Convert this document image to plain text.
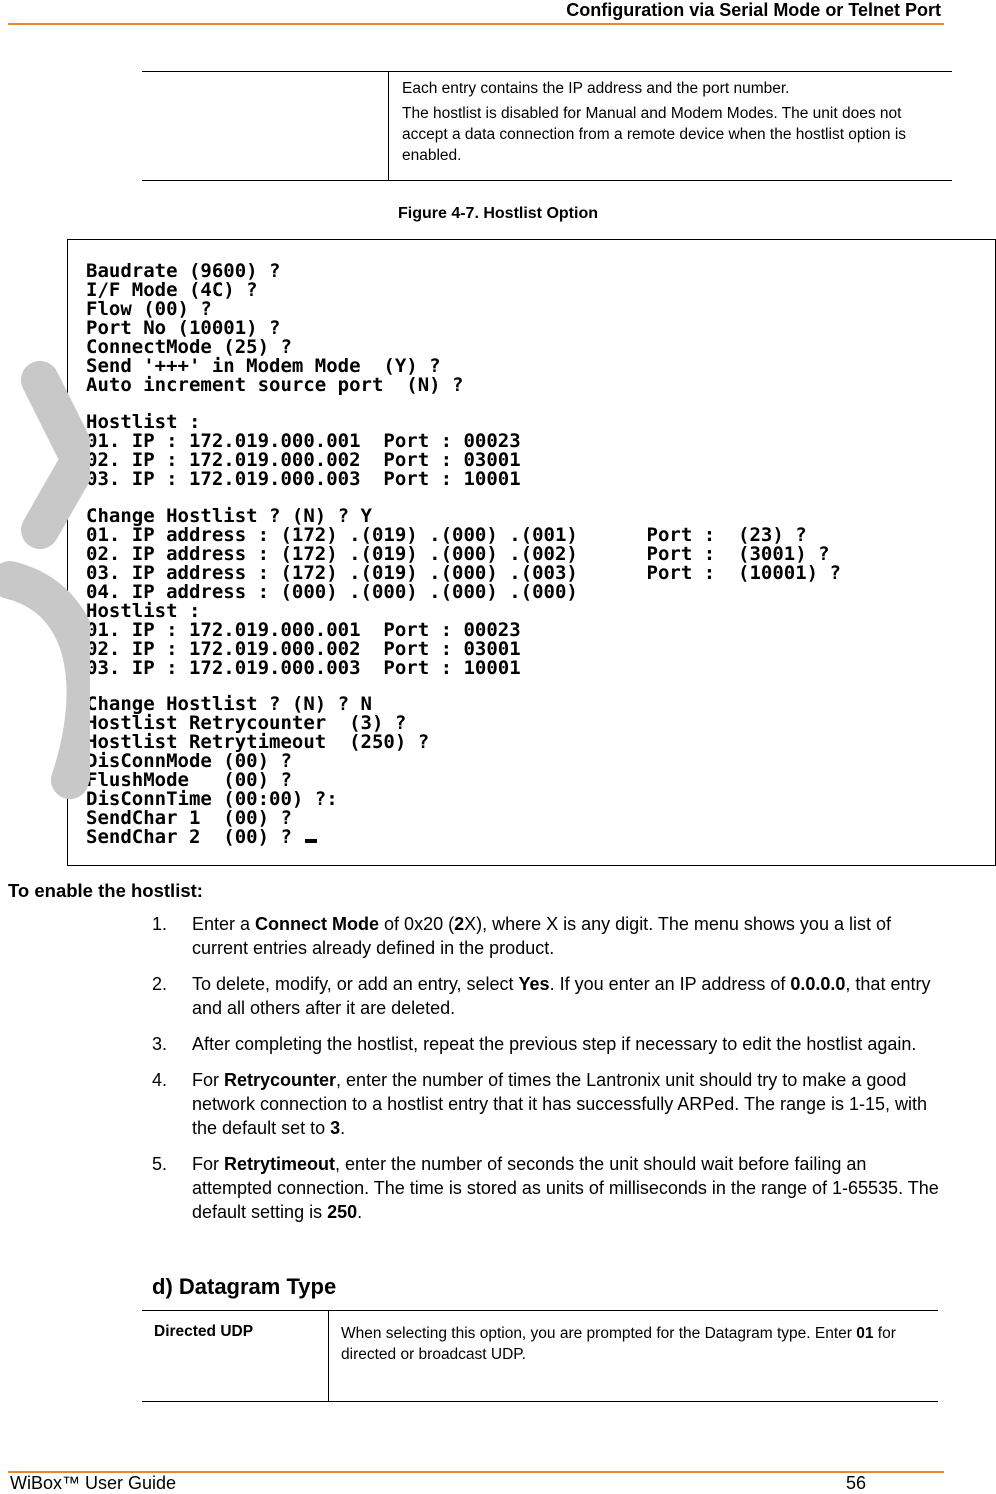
Configuration via Serial Mode or Telnet Port

Each entry contains the IP address and the port number.

The hostlist is disabled for Manual and Modem Modes. The unit does not accept a data connection from a remote device when the hostlist option is enabled.

Figure 4-7. Hostlist Option
Baudrate (9600) ?
I/F Mode (4C) ?
Flow (00) ?
Port No (10001) ?
ConnectMode (25) ?
Send '+++' in Modem Mode  (Y) ?
Auto increment source port  (N) ?
Hostlist :
01. IP : 172.019.000.001  Port : 00023
02. IP : 172.019.000.002  Port : 03001
03. IP : 172.019.000.003  Port : 10001
Change Hostlist ? (N) ? Y
01. IP address : (172) .(019) .(000) .(001)      Port :  (23) ?
02. IP address : (172) .(019) .(000) .(002)      Port :  (3001) ?
03. IP address : (172) .(019) .(000) .(003)      Port :  (10001) ?
04. IP address : (000) .(000) .(000) .(000)
Hostlist :
01. IP : 172.019.000.001  Port : 00023
02. IP : 172.019.000.002  Port : 03001
03. IP : 172.019.000.003  Port : 10001
Change Hostlist ? (N) ? N
Hostlist Retrycounter  (3) ?
Hostlist Retrytimeout  (250) ?
DisConnMode (00) ?
FlushMode   (00) ?
DisConnTime (00:00) ?:
SendChar 1  (00) ?
SendChar 2  (00) ?
To enable the hostlist:
1. Enter a Connect Mode of 0x20 (2X), where X is any digit. The menu shows you a list of current entries already defined in the product.
2. To delete, modify, or add an entry, select Yes. If you enter an IP address of 0.0.0.0, that entry and all others after it are deleted.
3. After completing the hostlist, repeat the previous step if necessary to edit the hostlist again.
4. For Retrycounter, enter the number of times the Lantronix unit should try to make a good network connection to a hostlist entry that it has successfully ARPed. The range is 1-15, with the default set to 3.
5. For Retrytimeout, enter the number of seconds the unit should wait before failing an attempted connection. The time is stored as units of milliseconds in the range of 1-65535. The default setting is 250.
d) Datagram Type
Directed UDP	When selecting this option, you are prompted for the Datagram type. Enter 01 for directed or broadcast UDP.
WiBox™ User Guide	56
